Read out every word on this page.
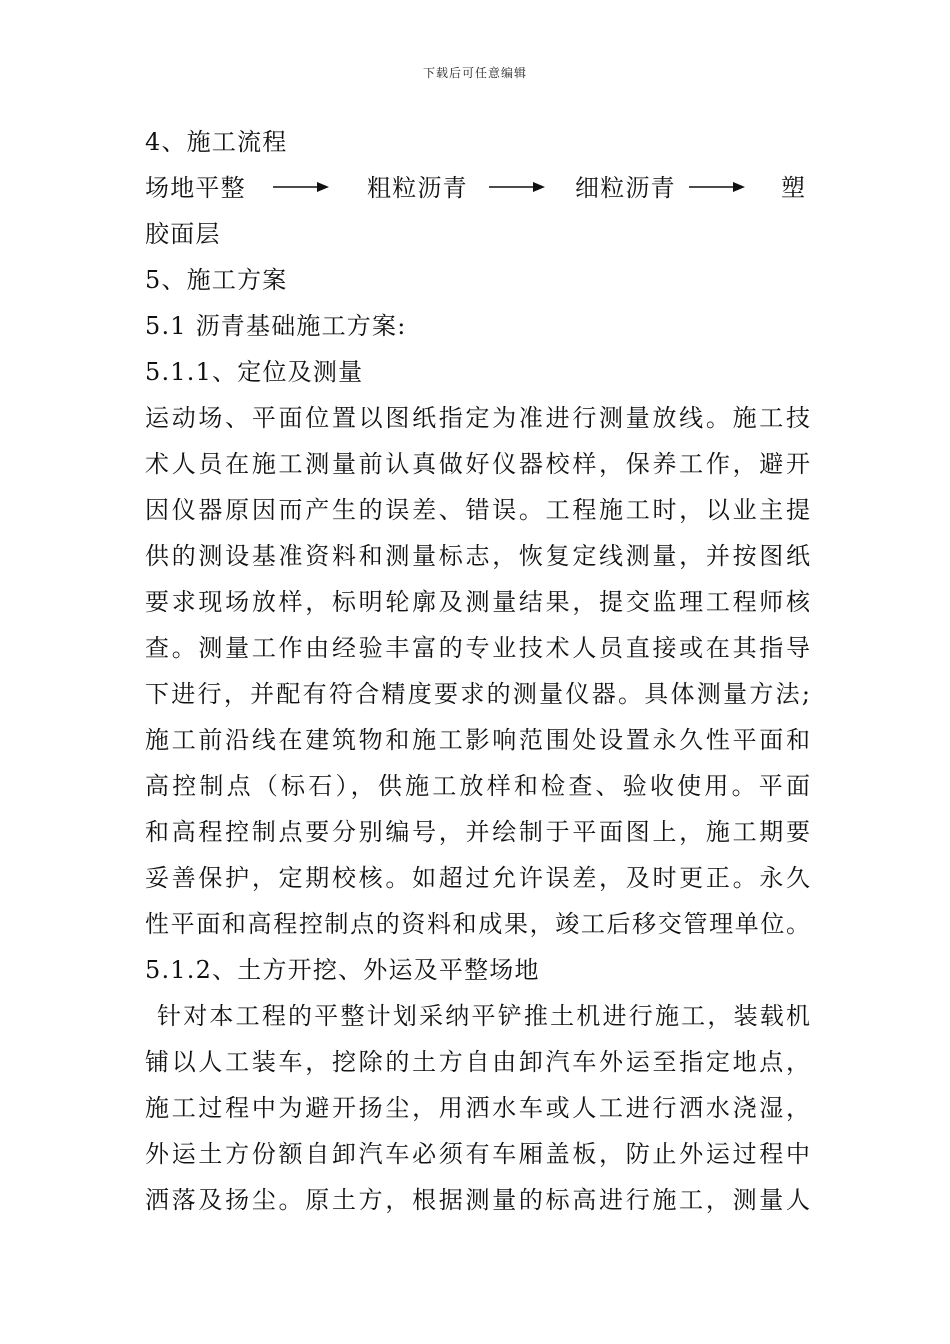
下载后可任意编辑
4、施工流程
场地平整	粗粒沥青	细粒沥青	塑
胶面层
5、施工方案
5.1 沥青基础施工方案:
5.1.1、定位及测量
运动场、平面位置以图纸指定为准进行测量放线。施工技
术人员在施工测量前认真做好仪器校样，保养工作，避开
因仪器原因而产生的误差、错误。工程施工时，以业主提
供的测设基准资料和测量标志，恢复定线测量，并按图纸
要求现场放样，标明轮廓及测量结果，提交监理工程师核
查。测量工作由经验丰富的专业技术人员直接或在其指导
下进行，并配有符合精度要求的测量仪器。具体测量方法;
施工前沿线在建筑物和施工影响范围处设置永久性平面和
高控制点（标石），供施工放样和检查、验收使用。平面
和高程控制点要分别编号，并绘制于平面图上，施工期要
妥善保护，定期校核。如超过允许误差，及时更正。永久
性平面和高程控制点的资料和成果，竣工后移交管理单位。
5.1.2、土方开挖、外运及平整场地
针对本工程的平整计划采纳平铲推土机进行施工，装载机
铺以人工装车，挖除的土方自由卸汽车外运至指定地点，
施工过程中为避开扬尘，用洒水车或人工进行洒水浇湿，
外运土方份额自卸汽车必须有车厢盖板，防止外运过程中
洒落及扬尘。原土方，根据测量的标高进行施工，测量人
